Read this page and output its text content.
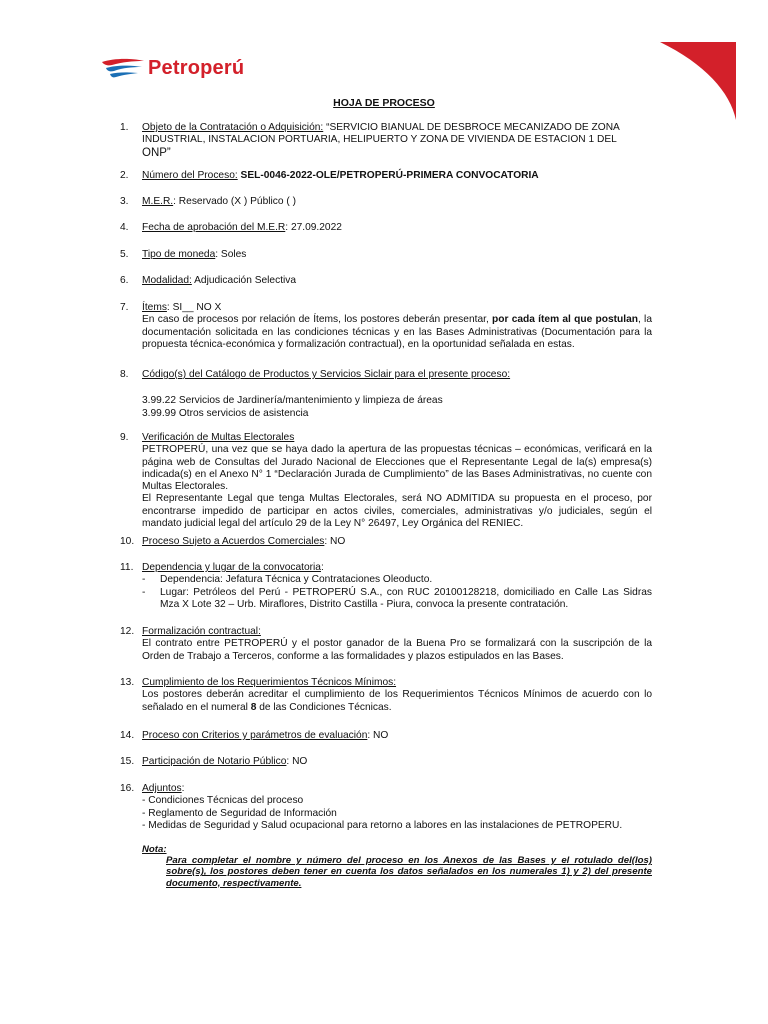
Petroperú
HOJA DE PROCESO
1.	Objeto de la Contratación o Adquisición: “SERVICIO BIANUAL DE DESBROCE MECANIZADO DE ZONA
INDUSTRIAL, INSTALACION PORTUARIA, HELIPUERTO Y ZONA DE VIVIENDA DE ESTACION 1 DEL
ONP”
2.	Número del Proceso: SEL-0046-2022-OLE/PETROPERÚ-PRIMERA CONVOCATORIA
3.	M.E.R.: Reservado (X ) Público ( )
4.	Fecha de aprobación del M.E.R: 27.09.2022
5.	Tipo de moneda: Soles
6.	Modalidad: Adjudicación Selectiva
7.	Ítems: SI__ NO X
En caso de procesos por relación de Ítems, los postores deberán presentar, por cada ítem al que postulan, la documentación solicitada en las condiciones técnicas y en las Bases Administrativas (Documentación para la propuesta técnica-económica y formalización contractual), en la oportunidad señalada en estas.
8.	Código(s) del Catálogo de Productos y Servicios Siclair para el presente proceso:
3.99.22 Servicios de Jardinería/mantenimiento y limpieza de áreas
3.99.99 Otros servicios de asistencia
9.	Verificación de Multas Electorales
PETROPERÚ, una vez que se haya dado la apertura de las propuestas técnicas – económicas, verificará en la página web de Consultas del Jurado Nacional de Elecciones que el Representante Legal de la(s) empresa(s) indicada(s) en el Anexo N° 1 “Declaración Jurada de Cumplimiento” de las Bases Administrativas, no cuente con Multas Electorales.
El Representante Legal que tenga Multas Electorales, será NO ADMITIDA su propuesta en el proceso, por encontrarse impedido de participar en actos civiles, comerciales, administrativas y/o judiciales, según el mandato judicial legal del artículo 29 de la Ley N° 26497, Ley Orgánica del RENIEC.
10. Proceso Sujeto a Acuerdos Comerciales: NO
11. Dependencia y lugar de la convocatoria:
-	Dependencia: Jefatura Técnica y Contrataciones Oleoducto.
-	Lugar: Petróleos del Perú - PETROPERÚ S.A., con RUC 20100128218, domiciliado en Calle Las Sidras Mza X Lote 32 – Urb. Miraflores, Distrito Castilla - Piura, convoca la presente contratación.
12. Formalización contractual:
El contrato entre PETROPERÚ y el postor ganador de la Buena Pro se formalizará con la suscripción de la Orden de Trabajo a Terceros, conforme a las formalidades y plazos estipulados en las Bases.
13. Cumplimiento de los Requerimientos Técnicos Mínimos:
Los postores deberán acreditar el cumplimiento de los Requerimientos Técnicos Mínimos de acuerdo con lo señalado en el numeral 8 de las Condiciones Técnicas.
14. Proceso con Criterios y parámetros de evaluación: NO
15. Participación de Notario Público: NO
16. Adjuntos:
- Condiciones Técnicas del proceso
- Reglamento de Seguridad de Información
- Medidas de Seguridad y Salud ocupacional para retorno a labores en las instalaciones de PETROPERU.
Nota:
Para completar el nombre y número del proceso en los Anexos de las Bases y el rotulado del(los) sobre(s), los postores deben tener en cuenta los datos señalados en los numerales 1) y 2) del presente documento, respectivamente.
